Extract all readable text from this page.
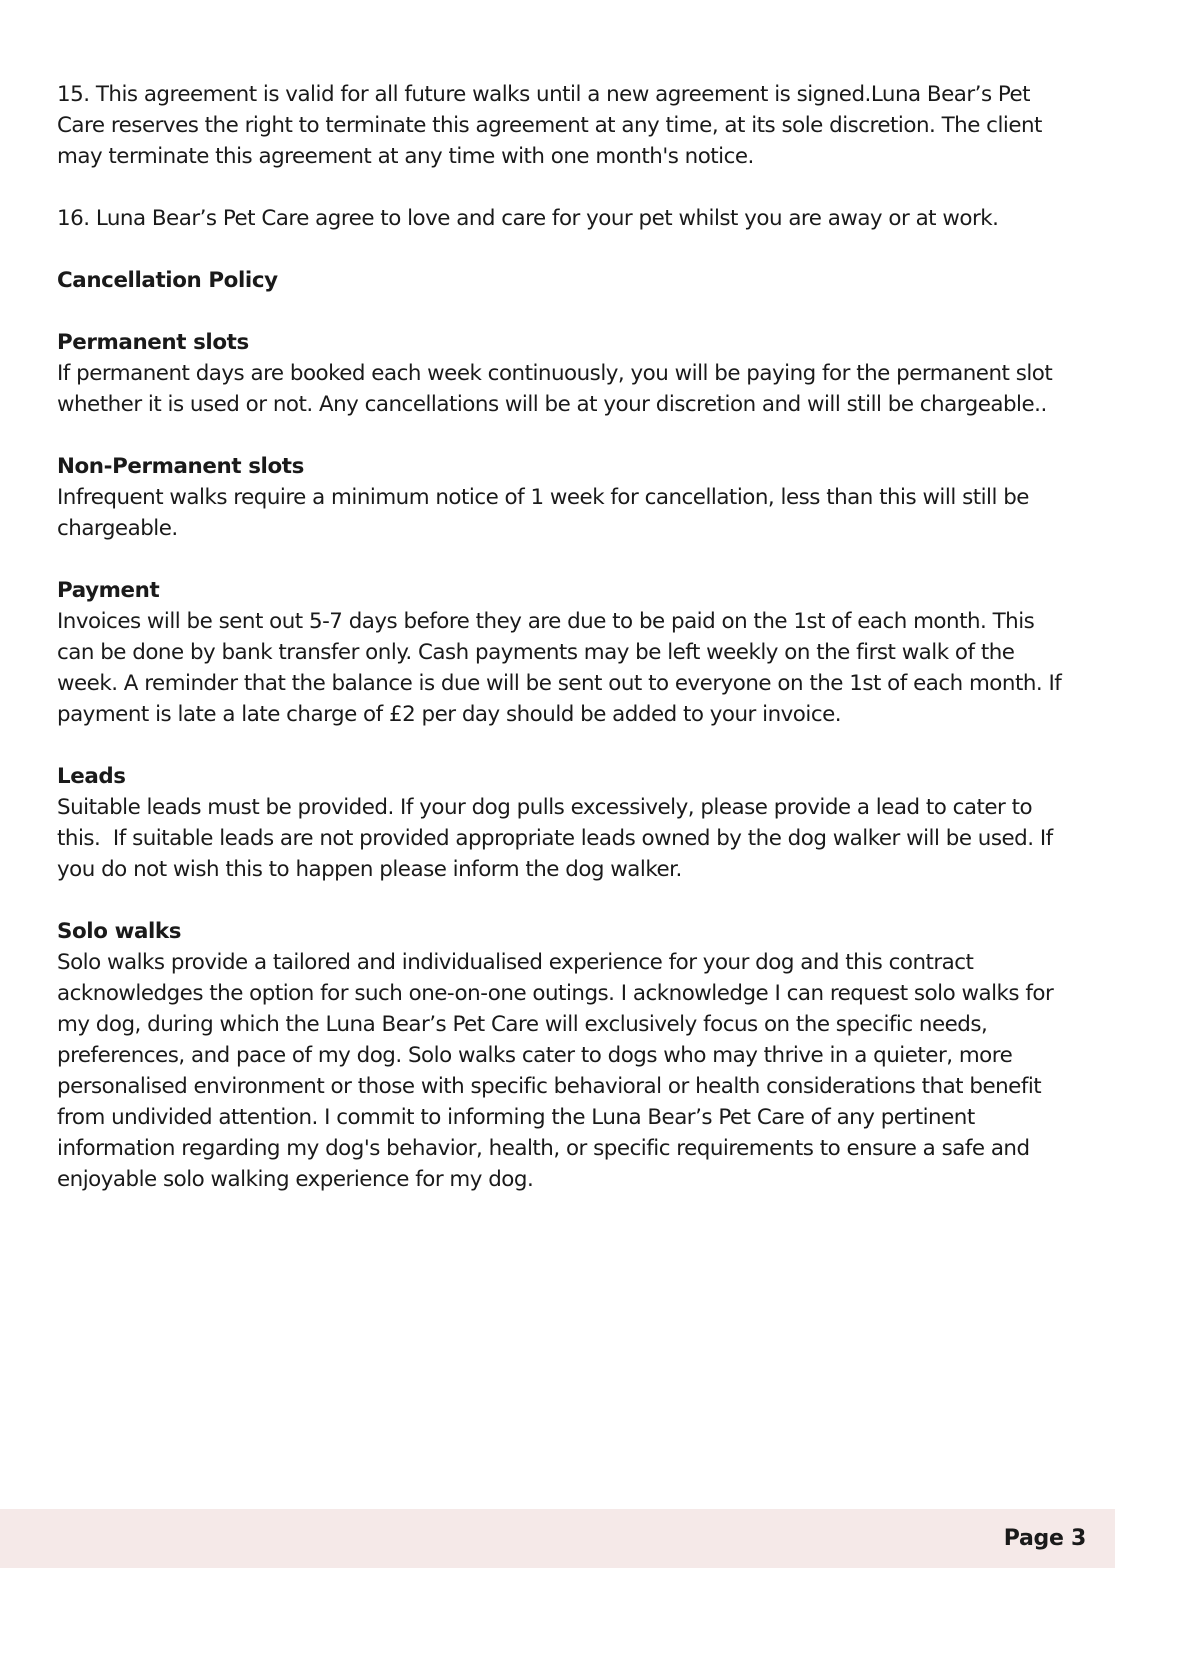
15. This agreement is valid for all future walks until a new agreement is signed.Luna Bear’s Pet Care reserves the right to terminate this agreement at any time, at its sole discretion. The client may terminate this agreement at any time with one month's notice.

16. Luna Bear’s Pet Care agree to love and care for your pet whilst you are away or at work.

Cancellation Policy

Permanent slots

If permanent days are booked each week continuously, you will be paying for the permanent slot whether it is used or not. Any cancellations will be at your discretion and will still be chargeable..

Non-Permanent slots

Infrequent walks require a minimum notice of 1 week for cancellation, less than this will still be chargeable.

Payment

Invoices will be sent out 5-7 days before they are due to be paid on the 1st of each month. This can be done by bank transfer only. Cash payments may be left weekly on the first walk of the week. A reminder that the balance is due will be sent out to everyone on the 1st of each month. If payment is late a late charge of £2 per day should be added to your invoice.

Leads

Suitable leads must be provided. If your dog pulls excessively, please provide a lead to cater to this.  If suitable leads are not provided appropriate leads owned by the dog walker will be used. If you do not wish this to happen please inform the dog walker.

Solo walks

Solo walks provide a tailored and individualised experience for your dog and this contract acknowledges the option for such one-on-one outings. I acknowledge I can request solo walks for my dog, during which the Luna Bear’s Pet Care will exclusively focus on the specific needs, preferences, and pace of my dog. Solo walks cater to dogs who may thrive in a quieter, more personalised environment or those with specific behavioral or health considerations that benefit from undivided attention. I commit to informing the Luna Bear’s Pet Care of any pertinent information regarding my dog's behavior, health, or specific requirements to ensure a safe and enjoyable solo walking experience for my dog.

Page 3
